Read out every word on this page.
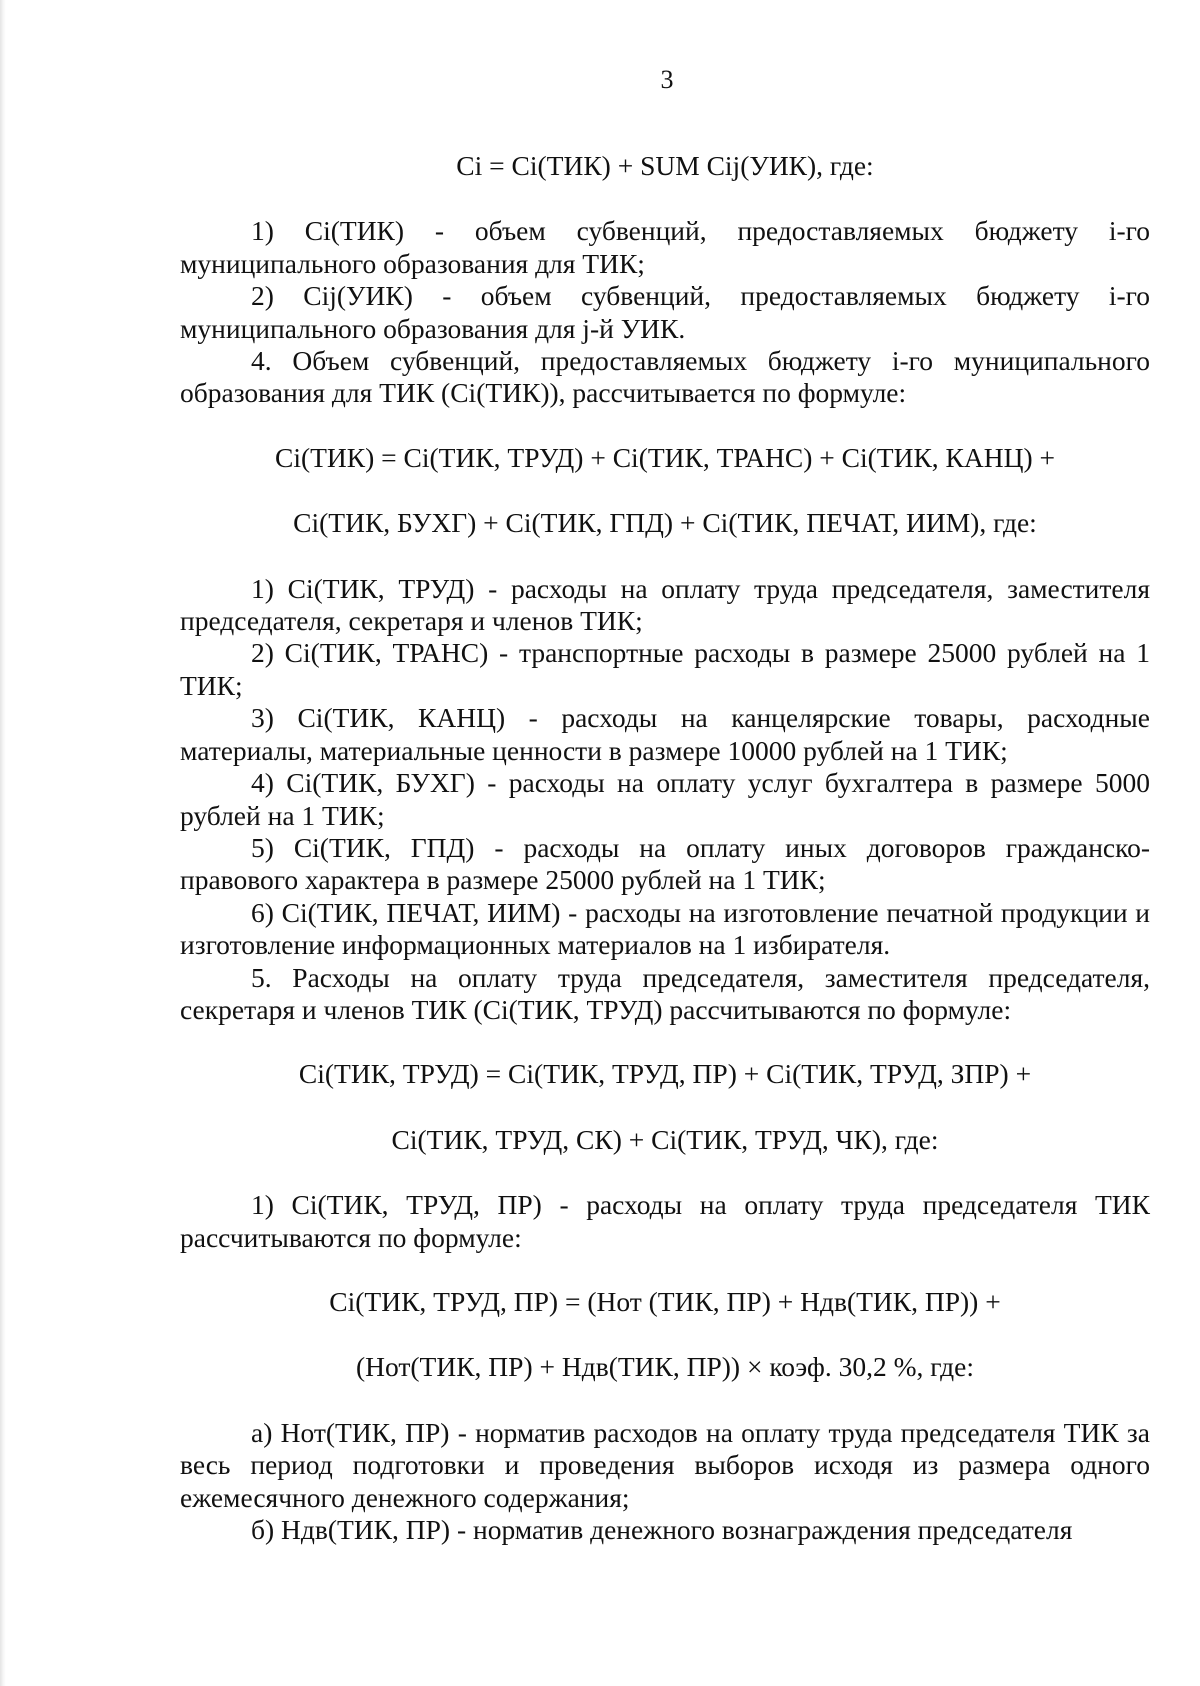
3

Ci = Ci(ТИК) + SUM Cij(УИК), где:

1) Ci(ТИК) - объем субвенций, предоставляемых бюджету i-го муниципального образования для ТИК;

2) Cij(УИК) - объем субвенций, предоставляемых бюджету i-го муниципального образования для j-й УИК.

4. Объем субвенций, предоставляемых бюджету i-го муниципального образования для ТИК (Ci(ТИК)), рассчитывается по формуле:

Ci(ТИК) = Ci(ТИК, ТРУД) + Ci(ТИК, ТРАНС) + Ci(ТИК, КАНЦ) +

Ci(ТИК, БУХГ) + Ci(ТИК, ГПД) + Ci(ТИК, ПЕЧАТ, ИИМ), где:

1) Ci(ТИК, ТРУД) - расходы на оплату труда председателя, заместителя председателя, секретаря и членов ТИК;

2) Ci(ТИК, ТРАНС) - транспортные расходы в размере 25000 рублей на 1 ТИК;

3) Ci(ТИК, КАНЦ) - расходы на канцелярские товары, расходные материалы, материальные ценности в размере 10000 рублей на 1 ТИК;

4) Ci(ТИК, БУХГ) - расходы на оплату услуг бухгалтера в размере 5000 рублей на 1 ТИК;

5) Ci(ТИК, ГПД) - расходы на оплату иных договоров гражданско-правового характера в размере 25000 рублей на 1 ТИК;

6) Ci(ТИК, ПЕЧАТ, ИИМ) - расходы на изготовление печатной продукции и изготовление информационных материалов на 1 избирателя.

5. Расходы на оплату труда председателя, заместителя председателя, секретаря и членов ТИК (Ci(ТИК, ТРУД) рассчитываются по формуле:

Ci(ТИК, ТРУД) = Ci(ТИК, ТРУД, ПР) + Ci(ТИК, ТРУД, ЗПР) +

Ci(ТИК, ТРУД, СК) + Ci(ТИК, ТРУД, ЧК), где:

1) Ci(ТИК, ТРУД, ПР) - расходы на оплату труда председателя ТИК рассчитываются по формуле:

Ci(ТИК, ТРУД, ПР) = (Нот (ТИК, ПР) + Ндв(ТИК, ПР)) +

(Нот(ТИК, ПР) + Ндв(ТИК, ПР)) × коэф. 30,2 %, где:

а) Нот(ТИК, ПР) - норматив расходов на оплату труда председателя ТИК за весь период подготовки и проведения выборов исходя из размера одного ежемесячного денежного содержания;

б) Ндв(ТИК, ПР) - норматив денежного вознаграждения председателя
